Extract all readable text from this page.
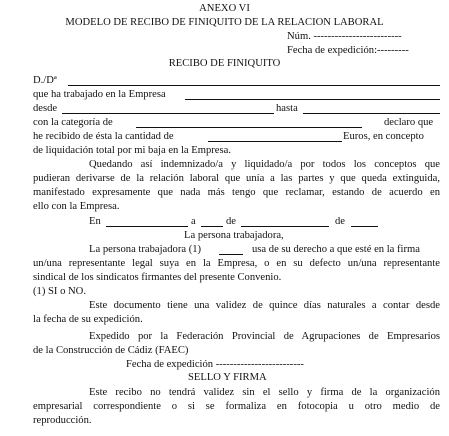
ANEXO VI
MODELO DE RECIBO DE FINIQUITO DE LA RELACION LABORAL
Núm. -------------------------
Fecha de expedición:---------
RECIBO DE FINIQUITO
D./Dª
que ha trabajado en la Empresa
desde	hasta
con la categoría de	declaro que
he recibido de ésta la cantidad de	Euros, en concepto
de liquidación total por mi baja en la Empresa.
Quedando así indemnizado/a y liquidado/a por todos los conceptos que
pudieran derivarse de la relación laboral que unía a las partes y que queda extinguida,
manifestado expresamente que nada más tengo que reclamar, estando de acuerdo en
ello con la Empresa.
En	a	de	de
La persona trabajadora,
La persona trabajadora (1)	usa de su derecho a que esté en la firma
un/una representante legal suya en la Empresa, o en su defecto un/una representante
sindical de los sindicatos firmantes del presente Convenio.
(1) SI o NO.
Este documento tiene una validez de quince días naturales a contar desde
la fecha de su expedición.
Expedido por la Federación Provincial de Agrupaciones de Empresarios
de la Construcción de Cádiz (FAEC)
Fecha de expedición -------------------------
SELLO Y FIRMA
Este recibo no tendrá validez sin el sello y firma de la organización
empresarial correspondiente o si se formaliza en fotocopia u otro medio de
reproducción.
